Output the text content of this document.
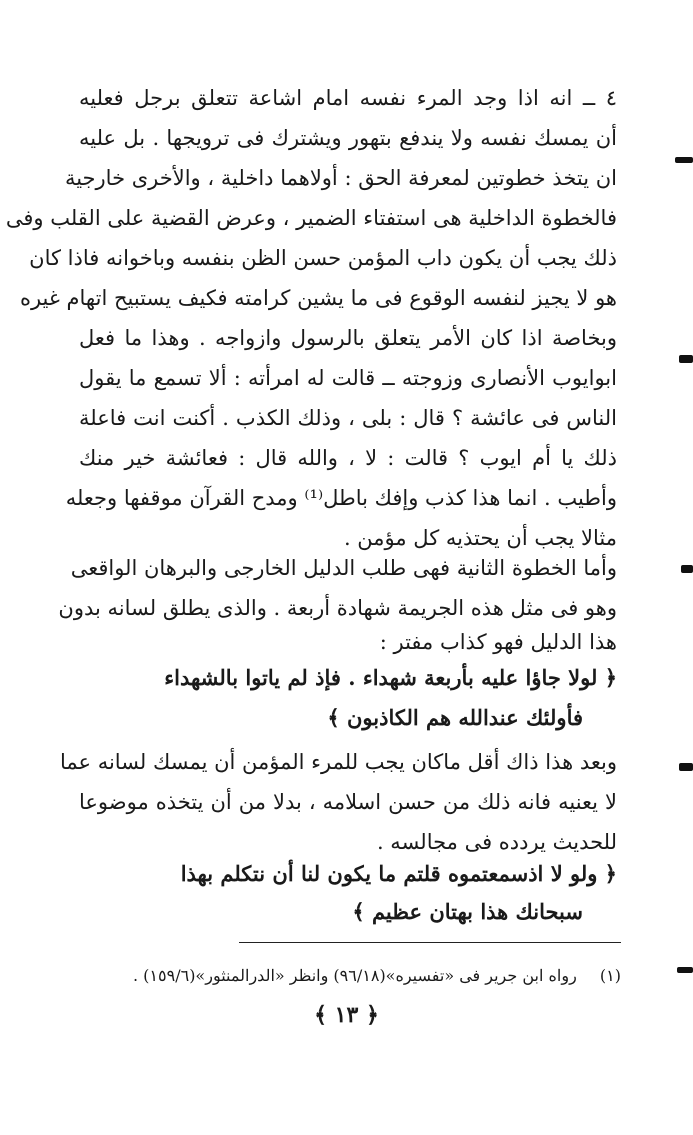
٤ ــ انه اذا وجد المرء نفسه امام اشاعة تتعلق برجل فعليه
أن يمسك نفسه ولا يندفع بتهور ويشترك فى ترويجها . بل عليه
ان يتخذ خطوتين لمعرفة الحق : أولاهما داخلية ، والأخرى خارجية
فالخطوة الداخلية هى استفتاء الضمير ، وعرض القضية على القلب وفى
ذلك يجب أن يكون داب المؤمن حسن الظن بنفسه وباخوانه فاذا كان
هو لا يجيز لنفسه الوقوع فى ما يشين كرامته فكيف يستبيح اتهام غيره
وبخاصة اذا كان الأمر يتعلق بالرسول وازواجه . وهذا ما فعل
ابوايوب الأنصارى وزوجته ــ قالت له امرأته : ألا تسمع ما يقول
الناس فى عائشة ؟ قال : بلى ، وذلك الكذب . أكنت انت فاعلة
ذلك يا أم ايوب ؟ قالت : لا ، والله قال : فعائشة خير منك
وأطيب . انما هذا كذب وإفك باطل⁽¹⁾ ومدح القرآن موقفها وجعله
مثالا يجب أن يحتذيه كل مؤمن .
وأما الخطوة الثانية فهى طلب الدليل الخارجى والبرهان الواقعى
وهو فى مثل هذه الجريمة شهادة أربعة . والذى يطلق لسانه بدون
هذا الدليل فهو كذاب مفتر :
﴿ لولا جاؤا عليه بأربعة شهداء . فإذ لم ياتوا بالشهداء
فأولئك عندالله هم الكاذبون ﴾
وبعد هذا ذاك أقل ماكان يجب للمرء المؤمن أن يمسك لسانه عما
لا يعنيه فانه ذلك من حسن اسلامه ، بدلا من أن يتخذه موضوعا
للحديث يردده فى مجالسه .
﴿ ولو لا اذسمعتموه قلتم ما يكون لنا أن نتكلم بهذا
سبحانك هذا بهتان عظيم ﴾
(١) رواه ابن جرير فى «تفسيره»(٩٦/١٨) وانظر «الدرالمنثور»(١٥٩/٦) .
﴿ ١٣ ﴾
